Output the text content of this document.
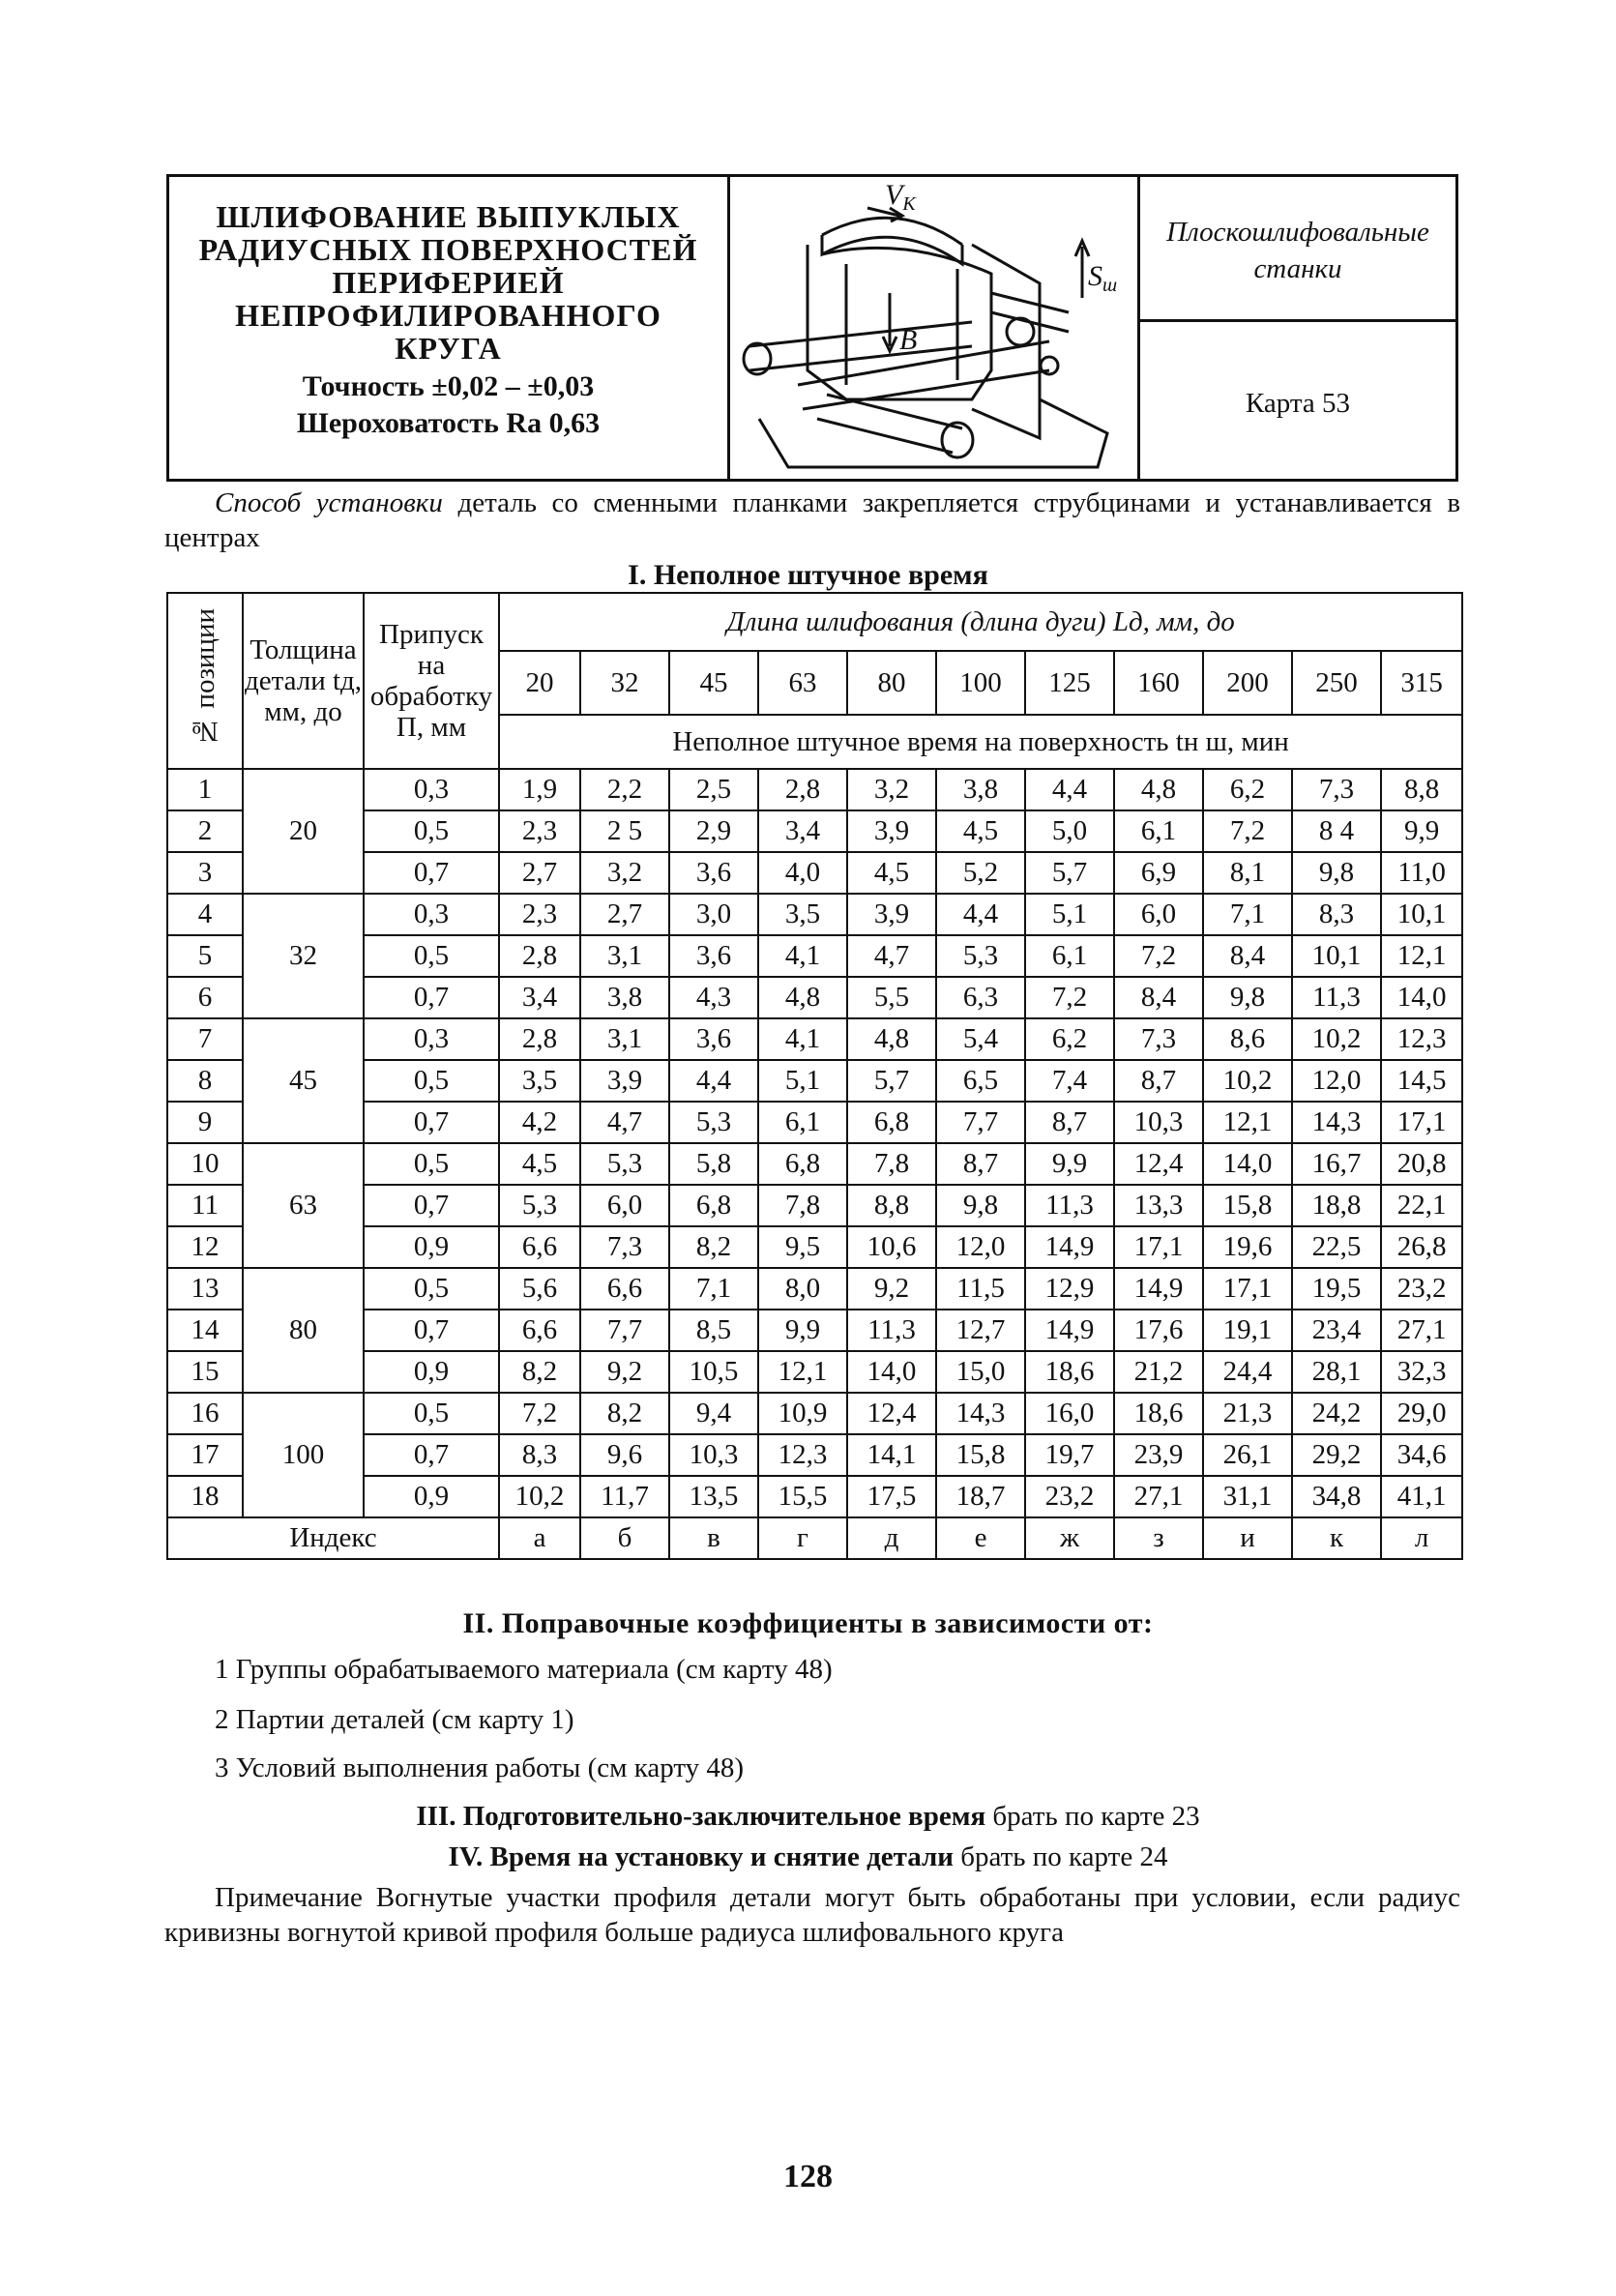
ШЛИФОВАНИЕ ВЫПУКЛЫХ
РАДИУСНЫХ ПОВЕРХНОСТЕЙ
ПЕРИФЕРИЕЙ
НЕПРОФИЛИРОВАННОГО
КРУГА
Точность ±0,02 – ±0,03
Шероховатость Ra 0,63
$V_K$
$S_ш$
B
Плоскошлифовальные станки
Карта 53
Способ установки деталь со сменными планками закрепляется струбцинами и устанавливается в центрах
I. Неполное штучное время
№ позиции	Толщина детали tд, мм, до	Припуск на обработку П, мм	Длина шлифования (длина дуги) Lд, мм, до										
			20	32	45	63	80	100	125	160	200	250	315
			Неполное штучное время на поверхность tн ш, мин										
1	20	0,3	1,9	2,2	2,5	2,8	3,2	3,8	4,4	4,8	6,2	7,3	8,8
2		0,5	2,3	2 5	2,9	3,4	3,9	4,5	5,0	6,1	7,2	8 4	9,9
3		0,7	2,7	3,2	3,6	4,0	4,5	5,2	5,7	6,9	8,1	9,8	11,0
4	32	0,3	2,3	2,7	3,0	3,5	3,9	4,4	5,1	6,0	7,1	8,3	10,1
5		0,5	2,8	3,1	3,6	4,1	4,7	5,3	6,1	7,2	8,4	10,1	12,1
6		0,7	3,4	3,8	4,3	4,8	5,5	6,3	7,2	8,4	9,8	11,3	14,0
7	45	0,3	2,8	3,1	3,6	4,1	4,8	5,4	6,2	7,3	8,6	10,2	12,3
8		0,5	3,5	3,9	4,4	5,1	5,7	6,5	7,4	8,7	10,2	12,0	14,5
9		0,7	4,2	4,7	5,3	6,1	6,8	7,7	8,7	10,3	12,1	14,3	17,1
10	63	0,5	4,5	5,3	5,8	6,8	7,8	8,7	9,9	12,4	14,0	16,7	20,8
11		0,7	5,3	6,0	6,8	7,8	8,8	9,8	11,3	13,3	15,8	18,8	22,1
12		0,9	6,6	7,3	8,2	9,5	10,6	12,0	14,9	17,1	19,6	22,5	26,8
13	80	0,5	5,6	6,6	7,1	8,0	9,2	11,5	12,9	14,9	17,1	19,5	23,2
14		0,7	6,6	7,7	8,5	9,9	11,3	12,7	14,9	17,6	19,1	23,4	27,1
15		0,9	8,2	9,2	10,5	12,1	14,0	15,0	18,6	21,2	24,4	28,1	32,3
16	100	0,5	7,2	8,2	9,4	10,9	12,4	14,3	16,0	18,6	21,3	24,2	29,0
17		0,7	8,3	9,6	10,3	12,3	14,1	15,8	19,7	23,9	26,1	29,2	34,6
18		0,9	10,2	11,7	13,5	15,5	17,5	18,7	23,2	27,1	31,1	34,8	41,1
Индекс			а	б	в	г	д	е	ж	з	и	к	л
II. Поправочные коэффициенты в зависимости от:
1 Группы обрабатываемого материала (см карту 48)
2 Партии деталей (см карту 1)
3 Условий выполнения работы (см карту 48)
III. Подготовительно-заключительное время брать по карте 23
IV. Время на установку и снятие детали брать по карте 24
Примечание Вогнутые участки профиля детали могут быть обработаны при условии, если радиус кривизны вогнутой кривой профиля больше радиуса шлифовального круга
128
